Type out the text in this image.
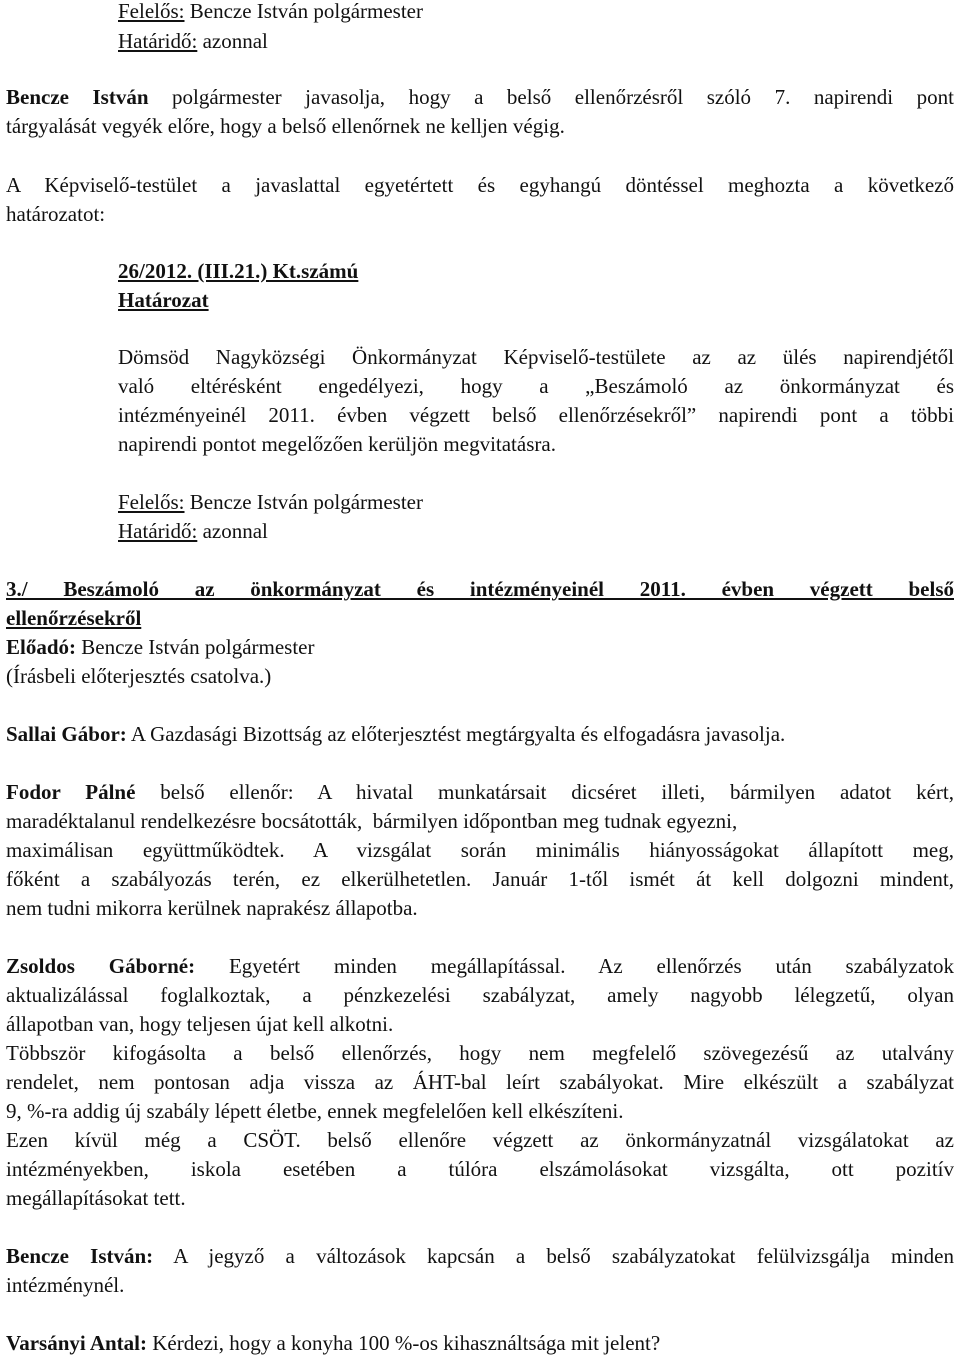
Felelős: Bencze István polgármester
Határidő: azonnal
Bencze István polgármester javasolja, hogy a belső ellenőrzésről szóló 7. napirendi pont
tárgyalását vegyék előre, hogy a belső ellenőrnek ne kelljen végig.
A Képviselő-testület a javaslattal egyetértett és egyhangú döntéssel meghozta a következő
határozatot:
26/2012. (III.21.) Kt.számú
Határozat
Dömsöd Nagyközségi Önkormányzat Képviselő-testülete az az ülés napirendjétől
való eltérésként engedélyezi, hogy a „Beszámoló az önkormányzat és
intézményeinél 2011. évben végzett belső ellenőrzésekről” napirendi pont a többi
napirendi pontot megelőzően kerüljön megvitatásra.
Felelős: Bencze István polgármester
Határidő: azonnal
3./ Beszámoló az önkormányzat és intézményeinél 2011. évben végzett belső
ellenőrzésekről
Előadó: Bencze István polgármester
(Írásbeli előterjesztés csatolva.)
Sallai Gábor: A Gazdasági Bizottság az előterjesztést megtárgyalta és elfogadásra javasolja.
Fodor Pálné belső ellenőr: A hivatal munkatársait dicséret illeti, bármilyen adatot kért,
maradéktalanul rendelkezésre bocsátották,  bármilyen időpontban meg tudnak egyezni,
maximálisan együttműködtek. A vizsgálat során minimális hiányosságokat állapított meg,
főként a szabályozás terén, ez elkerülhetetlen. Január 1-től ismét át kell dolgozni mindent,
nem tudni mikorra kerülnek naprakész állapotba.
Zsoldos Gáborné: Egyetért minden megállapítással. Az ellenőrzés után szabályzatok
aktualizálással foglalkoztak, a pénzkezelési szabályzat, amely nagyobb lélegzetű, olyan
állapotban van, hogy teljesen újat kell alkotni.
Többször kifogásolta a belső ellenőrzés, hogy nem megfelelő szövegezésű az utalvány
rendelet, nem pontosan adja vissza az ÁHT-bal leírt szabályokat. Mire elkészült a szabályzat
9, %-ra addig új szabály lépett életbe, ennek megfelelően kell elkészíteni.
Ezen kívül még a CSÖT. belső ellenőre végzett az önkormányzatnál vizsgálatokat az
intézményekben, iskola esetében a túlóra elszámolásokat vizsgálta, ott pozitív
megállapításokat tett.
Bencze István: A jegyző a változások kapcsán a belső szabályzatokat felülvizsgálja minden
intézménynél.
Varsányi Antal: Kérdezi, hogy a konyha 100 %-os kihasználtsága mit jelent?
